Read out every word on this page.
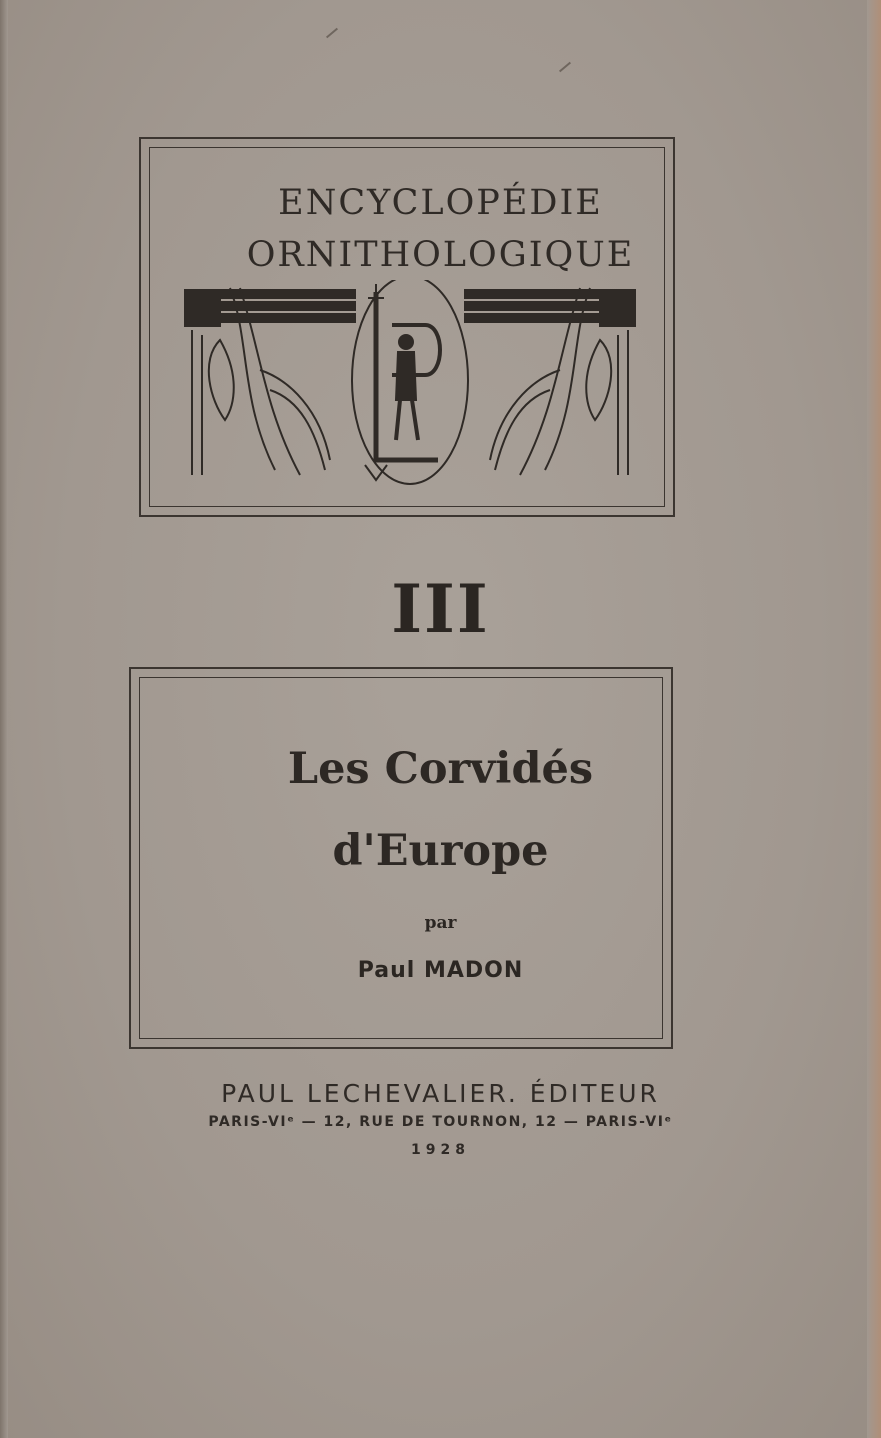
ENCYCLOPÉDIE
ORNITHOLOGIQUE
III
Les Corvidés
d'Europe
par
Paul MADON
PAUL LECHEVALIER. ÉDITEUR
PARIS-VIᵉ — 12, RUE DE TOURNON, 12 — PARIS-VIᵉ
1928
